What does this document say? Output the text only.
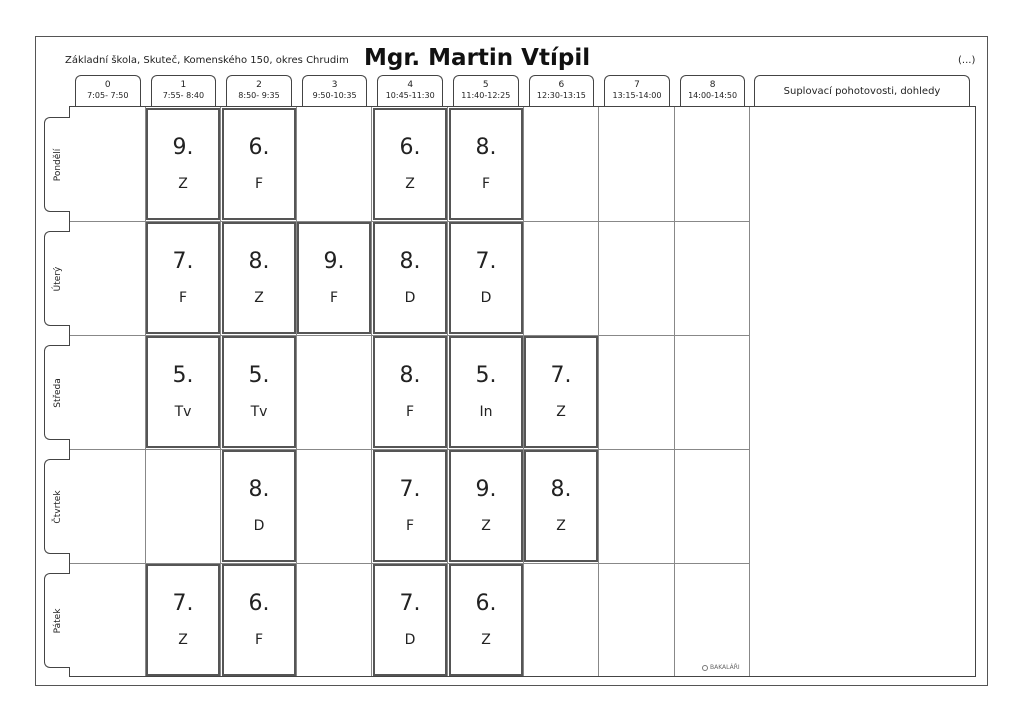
Základní škola, Skuteč, Komenského 150, okres Chrudim Mgr. Martin Vtípil	(...)
0
7:05- 7:50
1
7:55- 8:40
2
8:50- 9:35
3
9:50-10:35
4
10:45-11:30
5
11:40-12:25
6
12:30-13:15
7
13:15-14:00
8
14:00-14:50	Suplovací pohotovosti, dohledy
Pondělí
Úterý
Středa
Čtvrtek
Pátek
9.
Z
6.
F
6.
Z
8.
F
7.
F
8.
Z
9.
F
8.
D
7.
D
5.
Tv
5.
Tv
8.
F
5.
In
7.
Z
8.
D
7.
F
9.
Z
8.
Z
7.
Z
6.
F
7.
D
6.
Z
BAKALÁŘI
